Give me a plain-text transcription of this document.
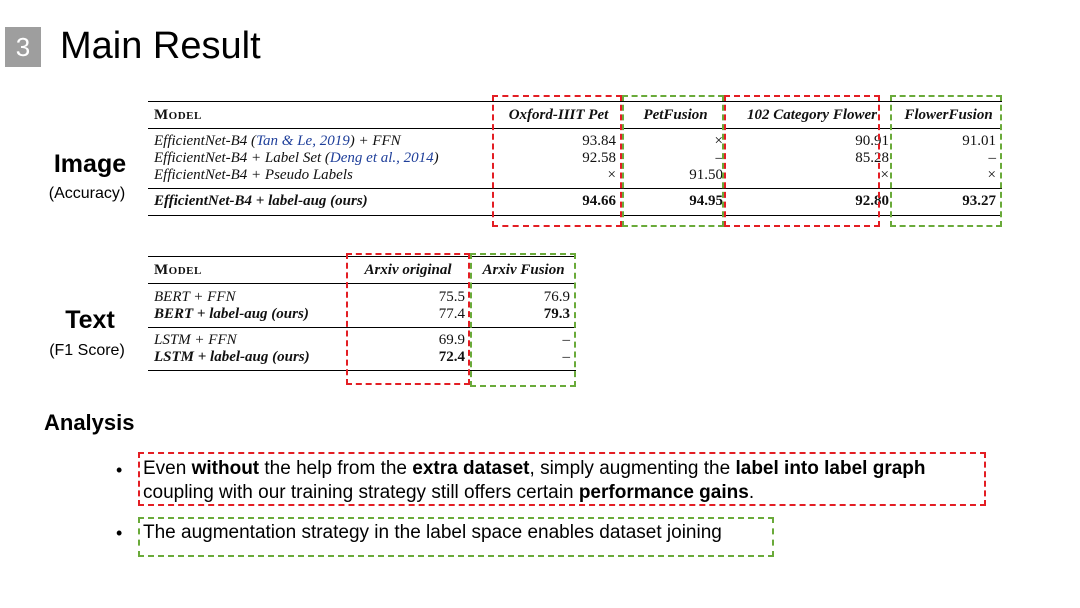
3 Main Result
Image
(Accuracy)
Text
(F1 Score)
Model	Oxford-IIIT Pet	PetFusion	102 Category Flower	FlowerFusion
EfficientNet-B4 (Tan & Le, 2019) + FFN	93.84	×	90.91	91.01
EfficientNet-B4 + Label Set (Deng et al., 2014)	92.58	–	85.28	–
EfficientNet-B4 + Pseudo Labels	×	91.50	×	×
EfficientNet-B4 + label-aug (ours)	94.66	94.95	92.80	93.27
Model	Arxiv original	Arxiv Fusion
BERT + FFN	75.5	76.9
BERT + label-aug (ours)	77.4	79.3
LSTM + FFN	69.9	–
LSTM + label-aug (ours)	72.4	–
Analysis
• Even without the help from the extra dataset, simply augmenting the label into label graph
coupling with our training strategy still offers certain performance gains.
• The augmentation strategy in the label space enables dataset joining
